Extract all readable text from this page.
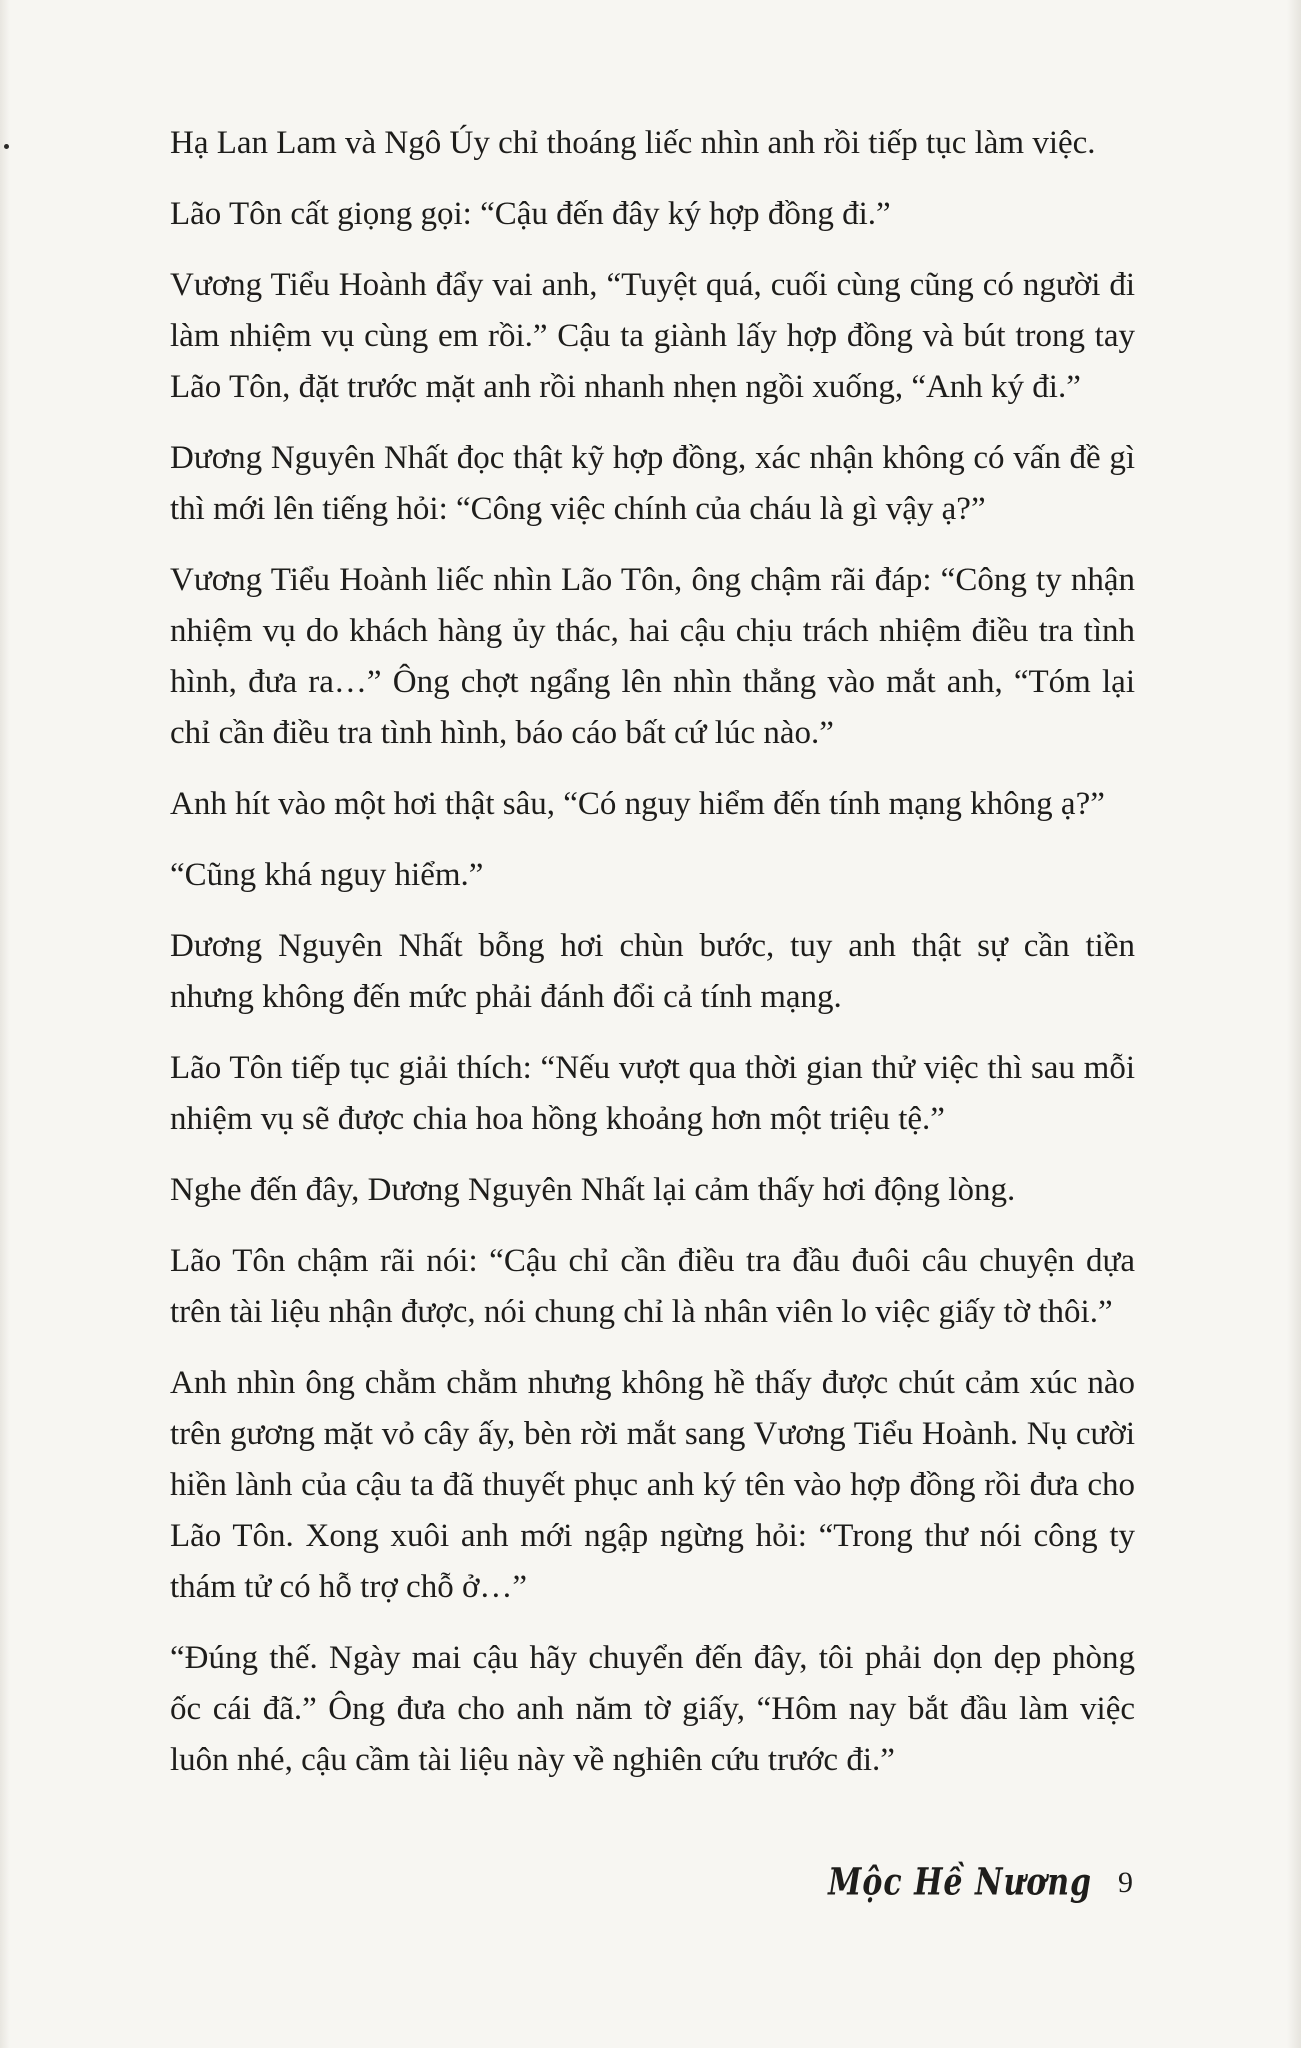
Hạ Lan Lam và Ngô Úy chỉ thoáng liếc nhìn anh rồi tiếp tục làm việc.

Lão Tôn cất giọng gọi: “Cậu đến đây ký hợp đồng đi.”

Vương Tiểu Hoành đẩy vai anh, “Tuyệt quá, cuối cùng cũng có người đi làm nhiệm vụ cùng em rồi.” Cậu ta giành lấy hợp đồng và bút trong tay Lão Tôn, đặt trước mặt anh rồi nhanh nhẹn ngồi xuống, “Anh ký đi.”

Dương Nguyên Nhất đọc thật kỹ hợp đồng, xác nhận không có vấn đề gì thì mới lên tiếng hỏi: “Công việc chính của cháu là gì vậy ạ?”

Vương Tiểu Hoành liếc nhìn Lão Tôn, ông chậm rãi đáp: “Công ty nhận nhiệm vụ do khách hàng ủy thác, hai cậu chịu trách nhiệm điều tra tình hình, đưa ra…” Ông chợt ngẩng lên nhìn thẳng vào mắt anh, “Tóm lại chỉ cần điều tra tình hình, báo cáo bất cứ lúc nào.”

Anh hít vào một hơi thật sâu, “Có nguy hiểm đến tính mạng không ạ?”

“Cũng khá nguy hiểm.”

Dương Nguyên Nhất bỗng hơi chùn bước, tuy anh thật sự cần tiền nhưng không đến mức phải đánh đổi cả tính mạng.

Lão Tôn tiếp tục giải thích: “Nếu vượt qua thời gian thử việc thì sau mỗi nhiệm vụ sẽ được chia hoa hồng khoảng hơn một triệu tệ.”

Nghe đến đây, Dương Nguyên Nhất lại cảm thấy hơi động lòng.

Lão Tôn chậm rãi nói: “Cậu chỉ cần điều tra đầu đuôi câu chuyện dựa trên tài liệu nhận được, nói chung chỉ là nhân viên lo việc giấy tờ thôi.”

Anh nhìn ông chằm chằm nhưng không hề thấy được chút cảm xúc nào trên gương mặt vỏ cây ấy, bèn rời mắt sang Vương Tiểu Hoành. Nụ cười hiền lành của cậu ta đã thuyết phục anh ký tên vào hợp đồng rồi đưa cho Lão Tôn. Xong xuôi anh mới ngập ngừng hỏi: “Trong thư nói công ty thám tử có hỗ trợ chỗ ở…”

“Đúng thế. Ngày mai cậu hãy chuyển đến đây, tôi phải dọn dẹp phòng ốc cái đã.” Ông đưa cho anh năm tờ giấy, “Hôm nay bắt đầu làm việc luôn nhé, cậu cầm tài liệu này về nghiên cứu trước đi.”

Mộc Hề Nương 9
